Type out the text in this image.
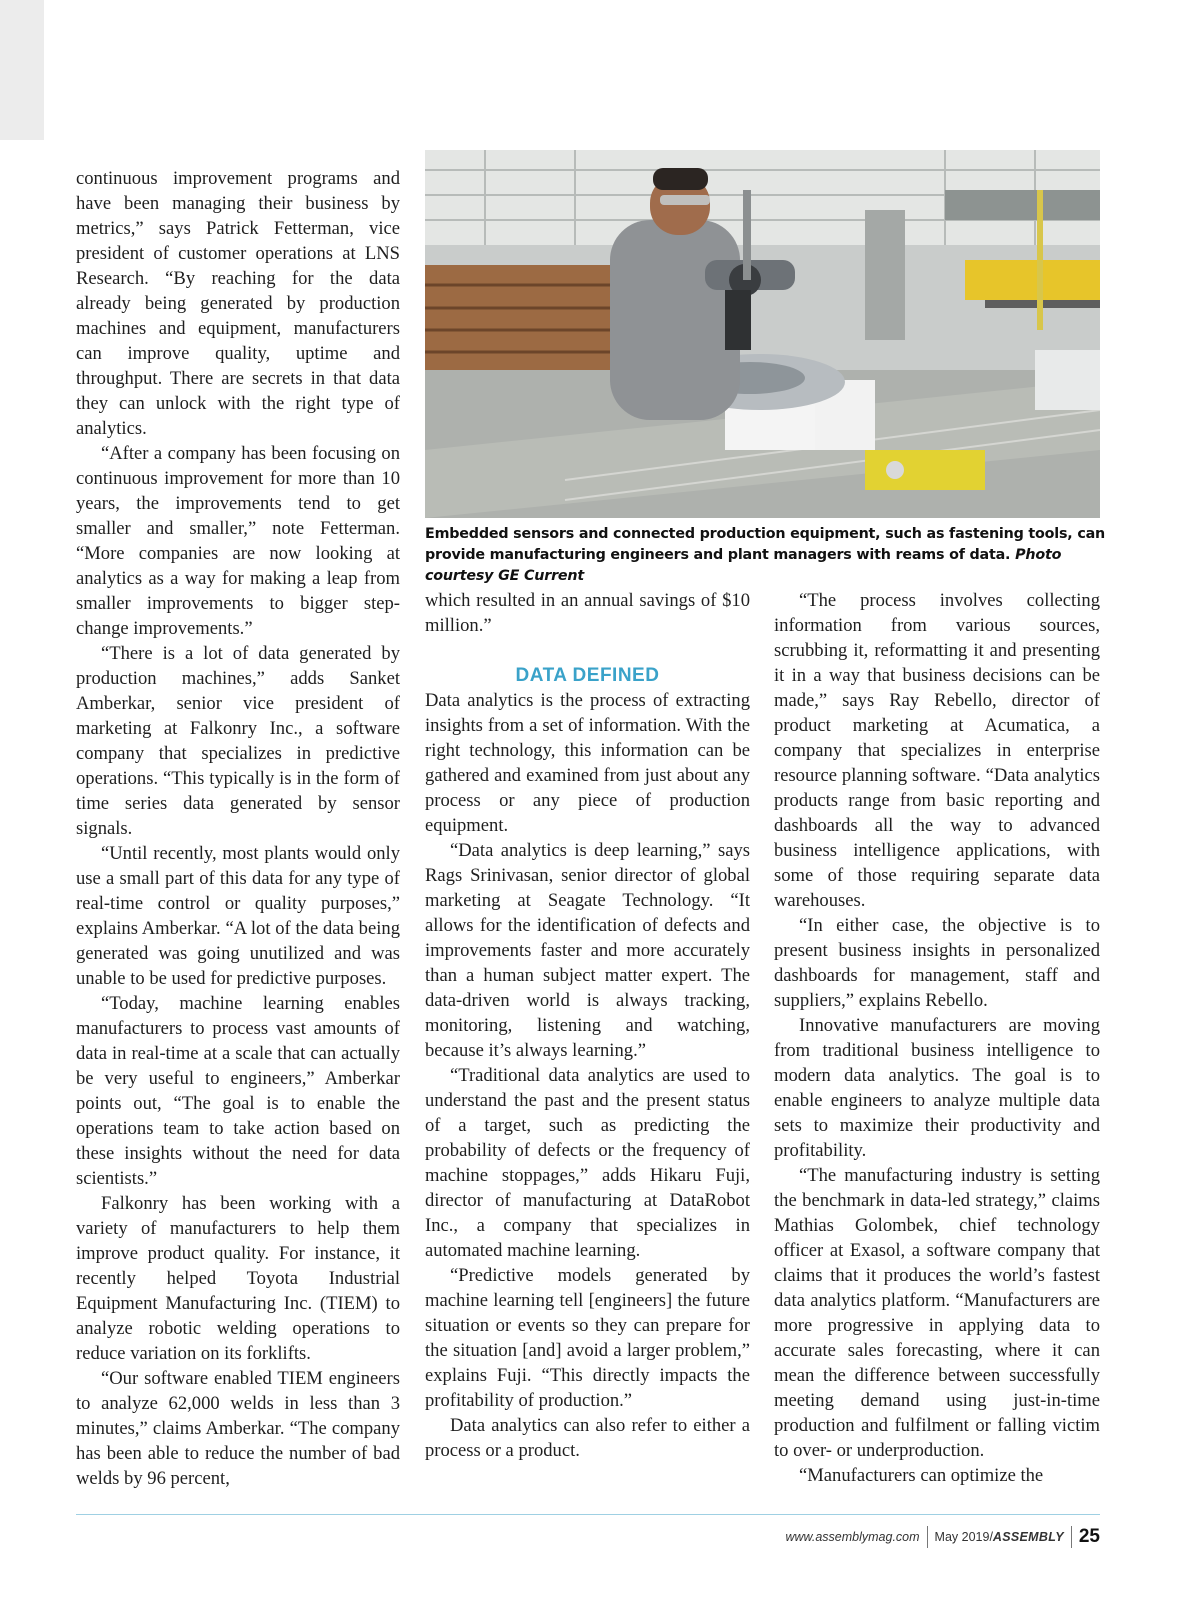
continuous improvement programs and have been managing their business by metrics,” says Patrick Fetterman, vice president of customer operations at LNS Research. “By reaching for the data already being generated by production machines and equipment, manufacturers can improve quality, uptime and throughput. There are secrets in that data they can unlock with the right type of analytics.

“After a company has been focusing on continuous improvement for more than 10 years, the improvements tend to get smaller and smaller,” note Fetterman. “More companies are now looking at analytics as a way for making a leap from smaller improvements to bigger step-change improvements.”

“There is a lot of data generated by production machines,” adds Sanket Amberkar, senior vice president of marketing at Falkonry Inc., a software company that specializes in predictive operations. “This typically is in the form of time series data generated by sensor signals.

“Until recently, most plants would only use a small part of this data for any type of real-time control or quality purposes,” explains Amberkar. “A lot of the data being generated was going unutilized and was unable to be used for predictive purposes.

“Today, machine learning enables manufacturers to process vast amounts of data in real-time at a scale that can actually be very useful to engineers,” Amberkar points out, “The goal is to enable the operations team to take action based on these insights without the need for data scientists.”

Falkonry has been working with a variety of manufacturers to help them improve product quality. For instance, it recently helped Toyota Industrial Equipment Manufacturing Inc. (TIEM) to analyze robotic welding operations to reduce variation on its forklifts.

“Our software enabled TIEM engineers to analyze 62,000 welds in less than 3 minutes,” claims Amberkar. “The company has been able to reduce the number of bad welds by 96 percent,

Embedded sensors and connected production equipment, such as fastening tools, can provide manufacturing engineers and plant managers with reams of data. Photo courtesy GE Current

which resulted in an annual savings of $10 million.”

DATA DEFINED

Data analytics is the process of extracting insights from a set of information. With the right technology, this information can be gathered and examined from just about any process or any piece of production equipment.

“Data analytics is deep learning,” says Rags Srinivasan, senior director of global marketing at Seagate Technology. “It allows for the identification of defects and improvements faster and more accurately than a human subject matter expert. The data-driven world is always tracking, monitoring, listening and watching, because it’s always learning.”

“Traditional data analytics are used to understand the past and the present status of a target, such as predicting the probability of defects or the frequency of machine stoppages,” adds Hikaru Fuji, director of manufacturing at DataRobot Inc., a company that specializes in automated machine learning.

“Predictive models generated by machine learning tell [engineers] the future situation or events so they can prepare for the situation [and] avoid a larger problem,” explains Fuji. “This directly impacts the profitability of production.”

Data analytics can also refer to either a process or a product.

“The process involves collecting information from various sources, scrubbing it, reformatting it and presenting it in a way that business decisions can be made,” says Ray Rebello, director of product marketing at Acumatica, a company that specializes in enterprise resource planning software. “Data analytics products range from basic reporting and dashboards all the way to advanced business intelligence applications, with some of those requiring separate data warehouses.

“In either case, the objective is to present business insights in personalized dashboards for management, staff and suppliers,” explains Rebello.

Innovative manufacturers are moving from traditional business intelligence to modern data analytics. The goal is to enable engineers to analyze multiple data sets to maximize their productivity and profitability.

“The manufacturing industry is setting the benchmark in data-led strategy,” claims Mathias Golombek, chief technology officer at Exasol, a software company that claims that it produces the world’s fastest data analytics platform. “Manufacturers are more progressive in applying data to accurate sales forecasting, where it can mean the difference between successfully meeting demand using just-in-time production and fulfilment or falling victim to over- or underproduction.

“Manufacturers can optimize the

www.assemblymag.com May 2019/ ASSEMBLY 25
